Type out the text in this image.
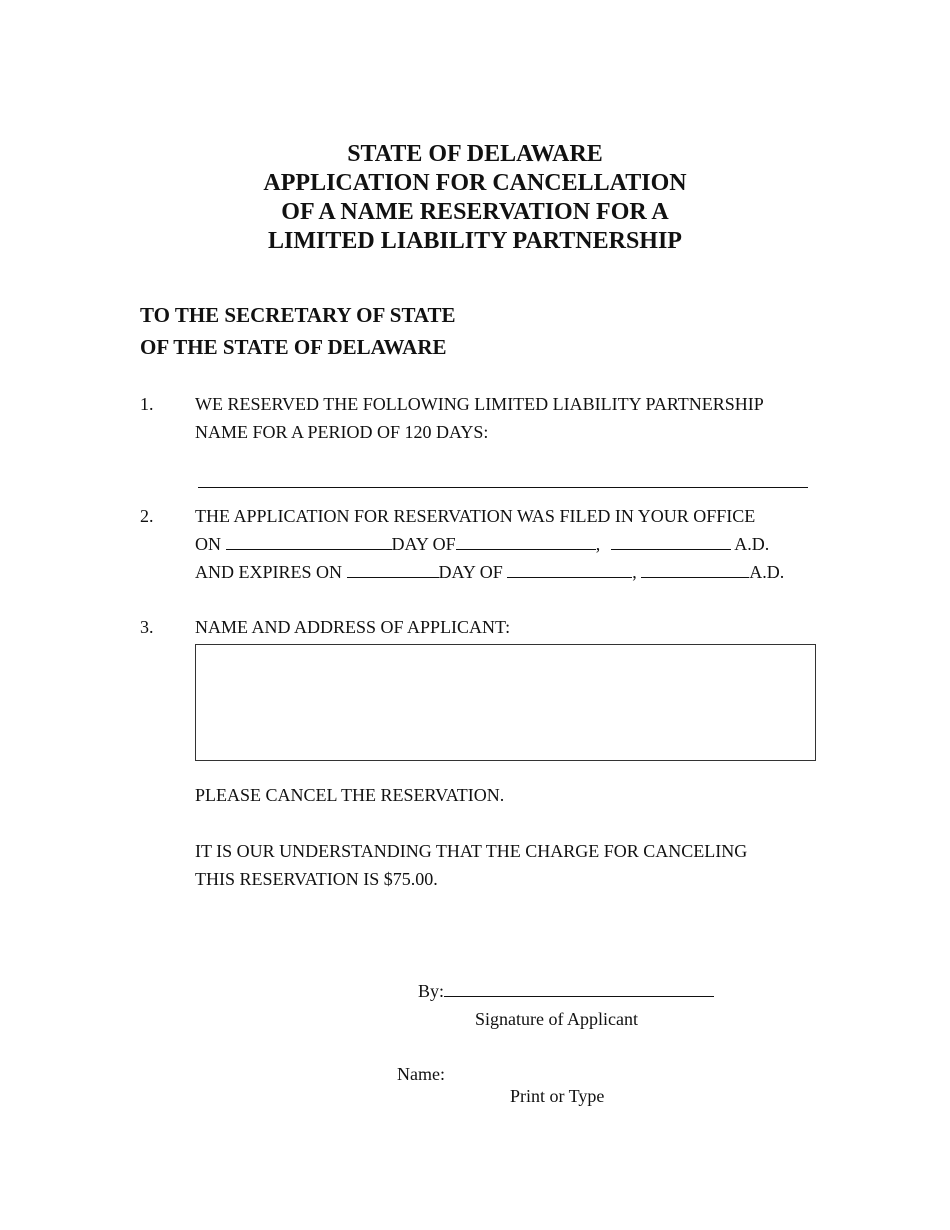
STATE OF DELAWARE
APPLICATION FOR CANCELLATION
OF A NAME RESERVATION FOR A
LIMITED LIABILITY PARTNERSHIP
TO THE SECRETARY OF STATE
OF THE STATE OF DELAWARE
1. WE RESERVED THE FOLLOWING LIMITED LIABILITY PARTNERSHIP
NAME FOR A PERIOD OF 120 DAYS:
2. THE APPLICATION FOR RESERVATION WAS FILED IN YOUR OFFICE
ON	DAY OF	,	A.D.
AND EXPIRES ON	DAY OF	,	A.D.
3. NAME AND ADDRESS OF APPLICANT:
PLEASE CANCEL THE RESERVATION.
IT IS OUR UNDERSTANDING THAT THE CHARGE FOR CANCELING
THIS RESERVATION IS $75.00.
By:
Signature of Applicant
Name:
Print or Type
